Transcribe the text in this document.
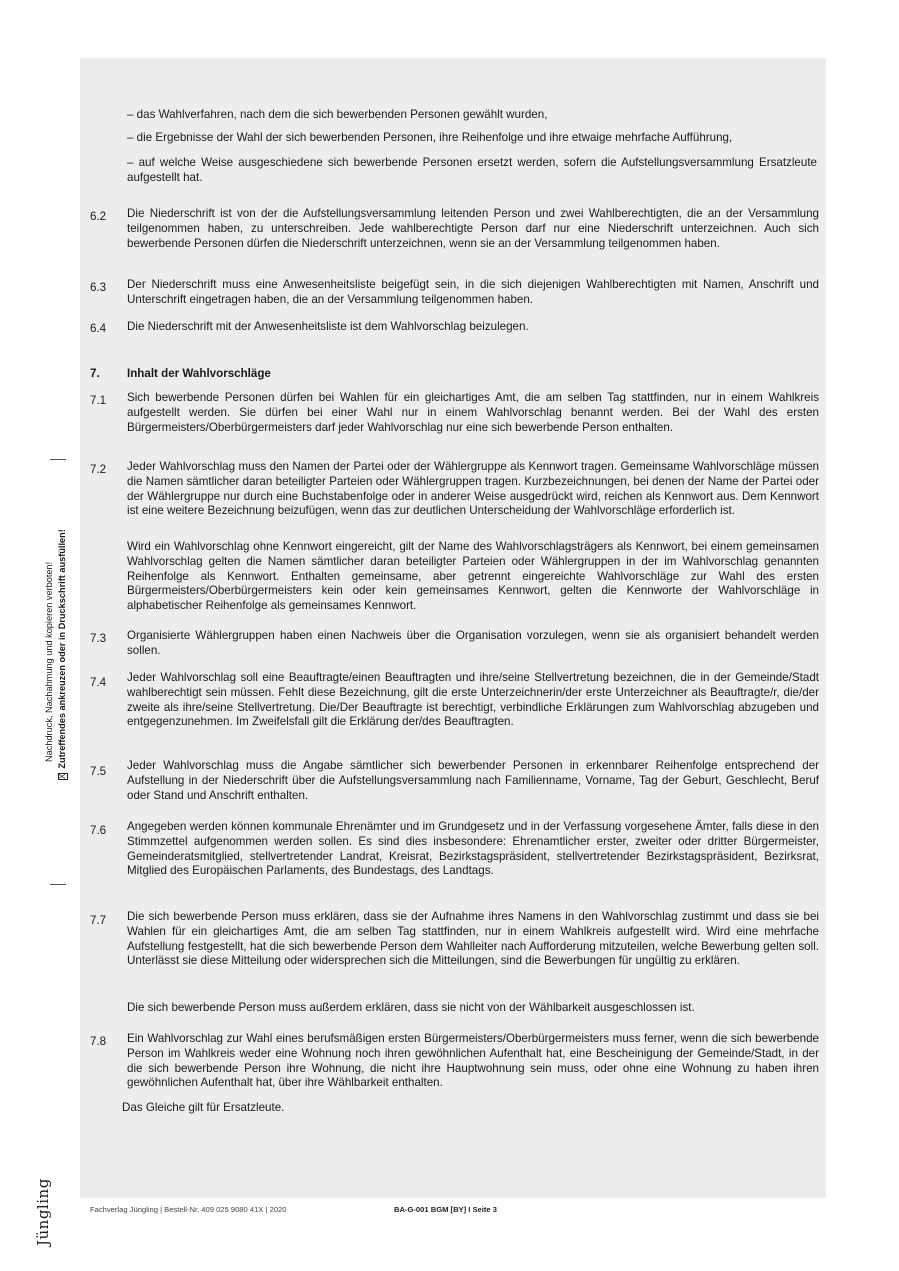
– das Wahlverfahren, nach dem die sich bewerbenden Personen gewählt wurden,
– die Ergebnisse der Wahl der sich bewerbenden Personen, ihre Reihenfolge und ihre etwaige mehrfache Aufführung,
– auf welche Weise ausgeschiedene sich bewerbende Personen ersetzt werden, sofern die Aufstellungsversammlung Ersatzleute aufgestellt hat.
6.2 Die Niederschrift ist von der die Aufstellungsversammlung leitenden Person und zwei Wahlberechtigten, die an der Versammlung teilgenommen haben, zu unterschreiben. Jede wahlberechtigte Person darf nur eine Niederschrift unterzeichnen. Auch sich bewerbende Personen dürfen die Niederschrift unterzeichnen, wenn sie an der Versammlung teilgenommen haben.
6.3 Der Niederschrift muss eine Anwesenheitsliste beigefügt sein, in die sich diejenigen Wahlberechtigten mit Namen, Anschrift und Unterschrift eingetragen haben, die an der Versammlung teilgenommen haben.
6.4 Die Niederschrift mit der Anwesenheitsliste ist dem Wahlvorschlag beizulegen.
7. Inhalt der Wahlvorschläge
7.1 Sich bewerbende Personen dürfen bei Wahlen für ein gleichartiges Amt, die am selben Tag stattfinden, nur in einem Wahlkreis aufgestellt werden. Sie dürfen bei einer Wahl nur in einem Wahlvorschlag benannt werden. Bei der Wahl des ersten Bürgermeisters/Oberbürgermeisters darf jeder Wahlvorschlag nur eine sich bewerbende Person enthalten.
7.2 Jeder Wahlvorschlag muss den Namen der Partei oder der Wählergruppe als Kennwort tragen. Gemeinsame Wahlvorschläge müssen die Namen sämtlicher daran beteiligter Parteien oder Wählergruppen tragen. Kurzbezeichnungen, bei denen der Name der Partei oder der Wählergruppe nur durch eine Buchstabenfolge oder in anderer Weise ausgedrückt wird, reichen als Kennwort aus. Dem Kennwort ist eine weitere Bezeichnung beizufügen, wenn das zur deutlichen Unterscheidung der Wahlvorschläge erforderlich ist.
Wird ein Wahlvorschlag ohne Kennwort eingereicht, gilt der Name des Wahlvorschlagsträgers als Kennwort, bei einem gemeinsamen Wahlvorschlag gelten die Namen sämtlicher daran beteiligter Parteien oder Wählergruppen in der im Wahlvorschlag genannten Reihenfolge als Kennwort. Enthalten gemeinsame, aber getrennt eingereichte Wahlvorschläge zur Wahl des ersten Bürgermeisters/Oberbürgermeisters kein oder kein gemeinsames Kennwort, gelten die Kennworte der Wahlvorschläge in alphabetischer Reihenfolge als gemeinsames Kennwort.
7.3 Organisierte Wählergruppen haben einen Nachweis über die Organisation vorzulegen, wenn sie als organisiert behandelt werden sollen.
7.4 Jeder Wahlvorschlag soll eine Beauftragte/einen Beauftragten und ihre/seine Stellvertretung bezeichnen, die in der Gemeinde/Stadt wahlberechtigt sein müssen. Fehlt diese Bezeichnung, gilt die erste Unterzeichnerin/der erste Unterzeichner als Beauftragte/r, die/der zweite als ihre/seine Stellvertretung. Die/Der Beauftragte ist berechtigt, verbindliche Erklärungen zum Wahlvorschlag abzugeben und entgegenzunehmen. Im Zweifelsfall gilt die Erklärung der/des Beauftragten.
7.5 Jeder Wahlvorschlag muss die Angabe sämtlicher sich bewerbender Personen in erkennbarer Reihenfolge entsprechend der Aufstellung in der Niederschrift über die Aufstellungsversammlung nach Familienname, Vorname, Tag der Geburt, Geschlecht, Beruf oder Stand und Anschrift enthalten.
7.6 Angegeben werden können kommunale Ehrenämter und im Grundgesetz und in der Verfassung vorgesehene Ämter, falls diese in den Stimmzettel aufgenommen werden sollen. Es sind dies insbesondere: Ehrenamtlicher erster, zweiter oder dritter Bürgermeister, Gemeinderatsmitglied, stellvertretender Landrat, Kreisrat, Bezirkstagspräsident, stellvertretender Bezirkstagspräsident, Bezirksrat, Mitglied des Europäischen Parlaments, des Bundestags, des Landtags.
7.7 Die sich bewerbende Person muss erklären, dass sie der Aufnahme ihres Namens in den Wahlvorschlag zustimmt und dass sie bei Wahlen für ein gleichartiges Amt, die am selben Tag stattfinden, nur in einem Wahlkreis aufgestellt wird. Wird eine mehrfache Aufstellung festgestellt, hat die sich bewerbende Person dem Wahlleiter nach Aufforderung mitzuteilen, welche Bewerbung gelten soll. Unterlässt sie diese Mitteilung oder widersprechen sich die Mitteilungen, sind die Bewerbungen für ungültig zu erklären.
Die sich bewerbende Person muss außerdem erklären, dass sie nicht von der Wählbarkeit ausgeschlossen ist.
7.8 Ein Wahlvorschlag zur Wahl eines berufsmäßigen ersten Bürgermeisters/Oberbürgermeisters muss ferner, wenn die sich bewerbende Person im Wahlkreis weder eine Wohnung noch ihren gewöhnlichen Aufenthalt hat, eine Bescheinigung der Gemeinde/Stadt, in der die sich bewerbende Person ihre Wohnung, die nicht ihre Hauptwohnung sein muss, oder ohne eine Wohnung zu haben ihren gewöhnlichen Aufenthalt hat, über ihre Wählbarkeit enthalten.
Das Gleiche gilt für Ersatzleute.
Nachdruck, Nachahmung und kopieren verboten!
X
Zutreffendes ankreuzen oder in Druckschrift ausfüllen!
Jüngling	Fachverlag Jüngling | Bestell-Nr. 409 025 9080 41X | 2020	BA-G-001 BGM [BY] I Seite 3
